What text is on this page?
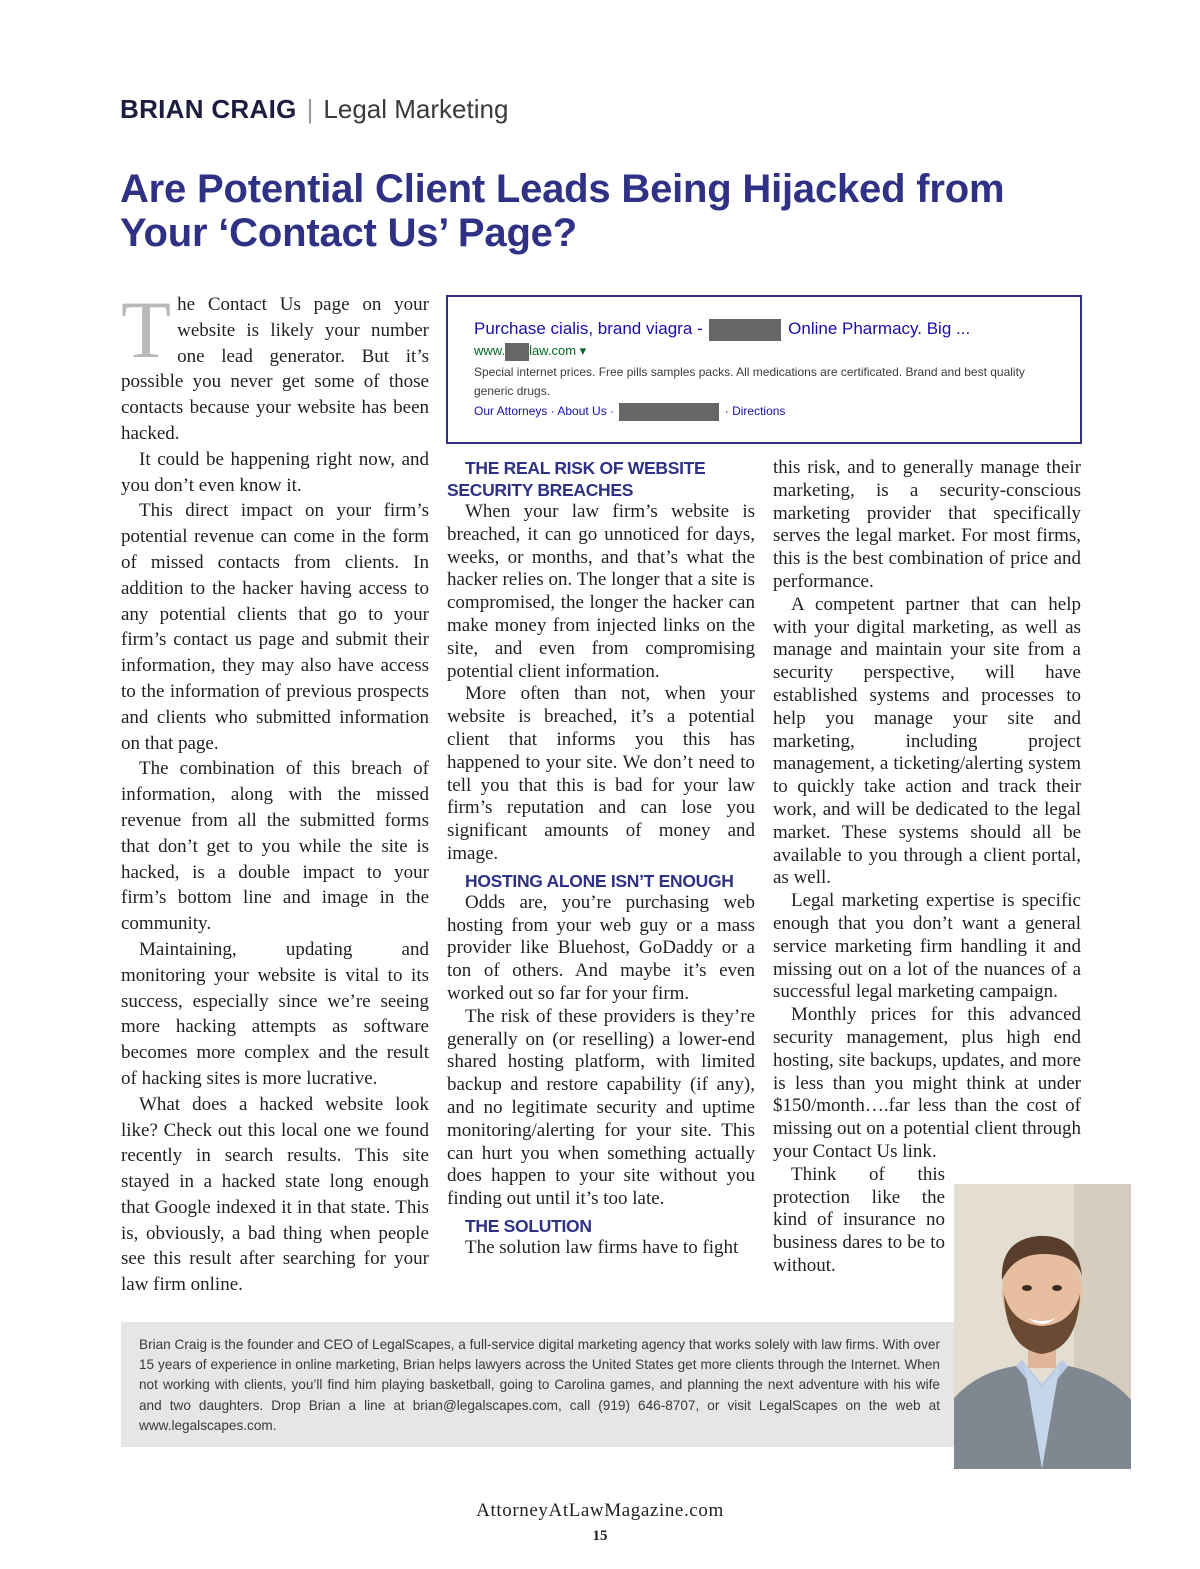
BRIAN CRAIG | Legal Marketing
Are Potential Client Leads Being Hijacked from Your ‘Contact Us’ Page?

The Contact Us page on your website is likely your number one lead generator. But it’s possible you never get some of those contacts because your website has been hacked.

It could be happening right now, and you don’t even know it.

This direct impact on your firm’s potential revenue can come in the form of missed contacts from clients. In addition to the hacker having access to any potential clients that go to your firm’s contact us page and submit their information, they may also have access to the information of previous prospects and clients who submitted information on that page.

The combination of this breach of information, along with the missed revenue from all the submitted forms that don’t get to you while the site is hacked, is a double impact to your firm’s bottom line and image in the community.

Maintaining, updating and monitoring your website is vital to its success, especially since we’re seeing more hacking attempts as software becomes more complex and the result of hacking sites is more lucrative.

What does a hacked website look like? Check out this local one we found recently in search results. This site stayed in a hacked state long enough that Google indexed it in that state. This is, obviously, a bad thing when people see this result after searching for your law firm online.

Purchase cialis, brand viagra -	Online Pharmacy. Big ...
www. law.com ▾
Special internet prices. Free pills samples packs. All medications are certificated. Brand and best quality generic drugs.
Our Attorneys · About Us ·	· Directions

THE REAL RISK OF WEBSITE SECURITY BREACHES

When your law firm’s website is breached, it can go unnoticed for days, weeks, or months, and that’s what the hacker relies on. The longer that a site is compromised, the longer the hacker can make money from injected links on the site, and even from compromising potential client information.

More often than not, when your website is breached, it’s a potential client that informs you this has happened to your site. We don’t need to tell you that this is bad for your law firm’s reputation and can lose you significant amounts of money and image.

HOSTING ALONE ISN’T ENOUGH

Odds are, you’re purchasing web hosting from your web guy or a mass provider like Bluehost, GoDaddy or a ton of others. And maybe it’s even worked out so far for your firm.

The risk of these providers is they’re generally on (or reselling) a lower-end shared hosting platform, with limited backup and restore capability (if any), and no legitimate security and uptime monitoring/alerting for your site. This can hurt you when something actually does happen to your site without you finding out until it’s too late.

THE SOLUTION

The solution law firms have to fight

this risk, and to generally manage their marketing, is a security-conscious marketing provider that specifically serves the legal market. For most firms, this is the best combination of price and performance.

A competent partner that can help with your digital marketing, as well as manage and maintain your site from a security perspective, will have established systems and processes to help you manage your site and marketing, including project management, a ticketing/alerting system to quickly take action and track their work, and will be dedicated to the legal market. These systems should all be available to you through a client portal, as well.

Legal marketing expertise is specific enough that you don’t want a general service marketing firm handling it and missing out on a lot of the nuances of a successful legal marketing campaign.

Monthly prices for this advanced security management, plus high end hosting, site backups, updates, and more is less than you might think at under $150/month….far less than the cost of missing out on a potential client through your Contact Us link.

Think of this protection like the kind of insurance no business dares to be to without.

Brian Craig is the founder and CEO of LegalScapes, a full-service digital marketing agency that works solely with law firms. With over 15 years of experience in online marketing, Brian helps lawyers across the United States get more clients through the Internet. When not working with clients, you’ll find him playing basketball, going to Carolina games, and planning the next adventure with his wife and two daughters. Drop Brian a line at brian@legalscapes.com, call (919) 646-8707, or visit LegalScapes on the web at www.legalscapes.com.
AttorneyAtLawMagazine.com
15
